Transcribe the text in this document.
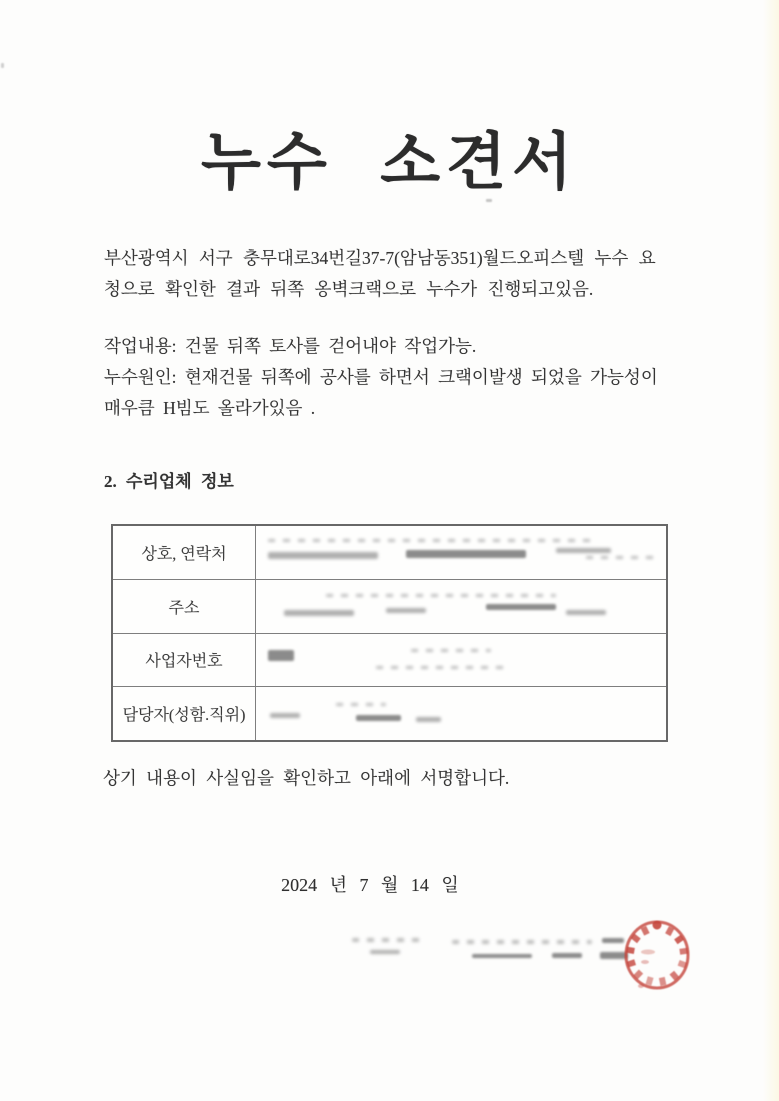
누수 소견서
부산광역시 서구 충무대로34번길37-7(암남동351)월드오피스텔 누수 요
청으로 확인한 결과 뒤쪽 옹벽크랙으로 누수가 진행되고있음.
작업내용: 건물 뒤쪽 토사를 걷어내야 작업가능.
누수원인: 현재건물 뒤쪽에 공사를 하면서 크랙이발생 되었을 가능성이
매우큼 H빔도 올라가있음 .
2. 수리업체 정보
상호, 연락처
주소
사업자번호
담당자(성함.직위)
상기 내용이 사실임을 확인하고 아래에 서명합니다.
2024 년 7 월 14 일
